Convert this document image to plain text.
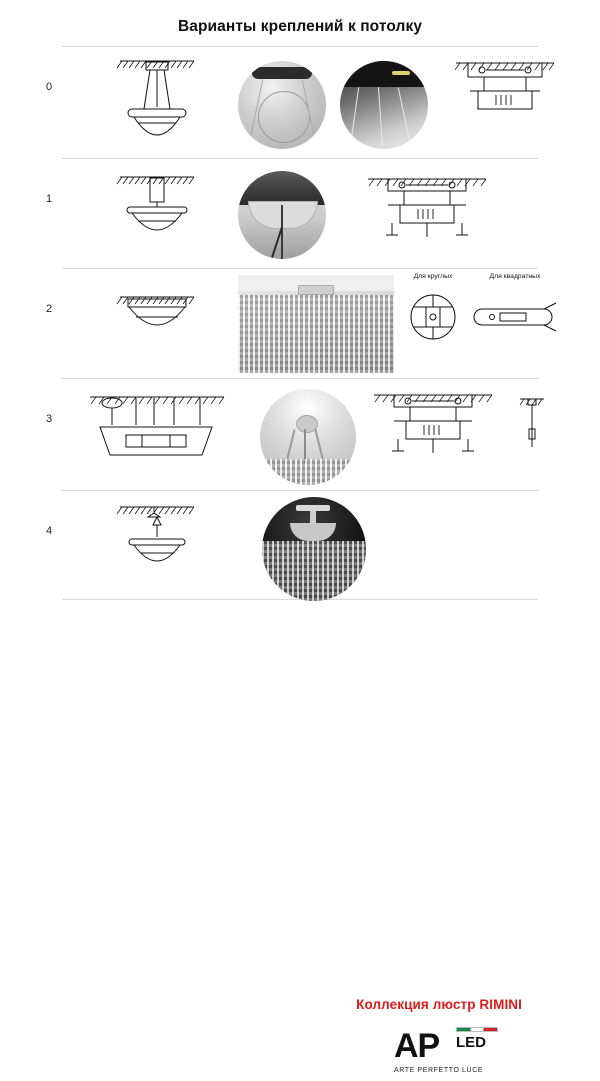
Варианты креплений к потолку
0
1
2
Для круглых	Для квадратных
3
4
Коллекция люстр RIMINI
AP LED
ARTE PERFETTO LUCE
